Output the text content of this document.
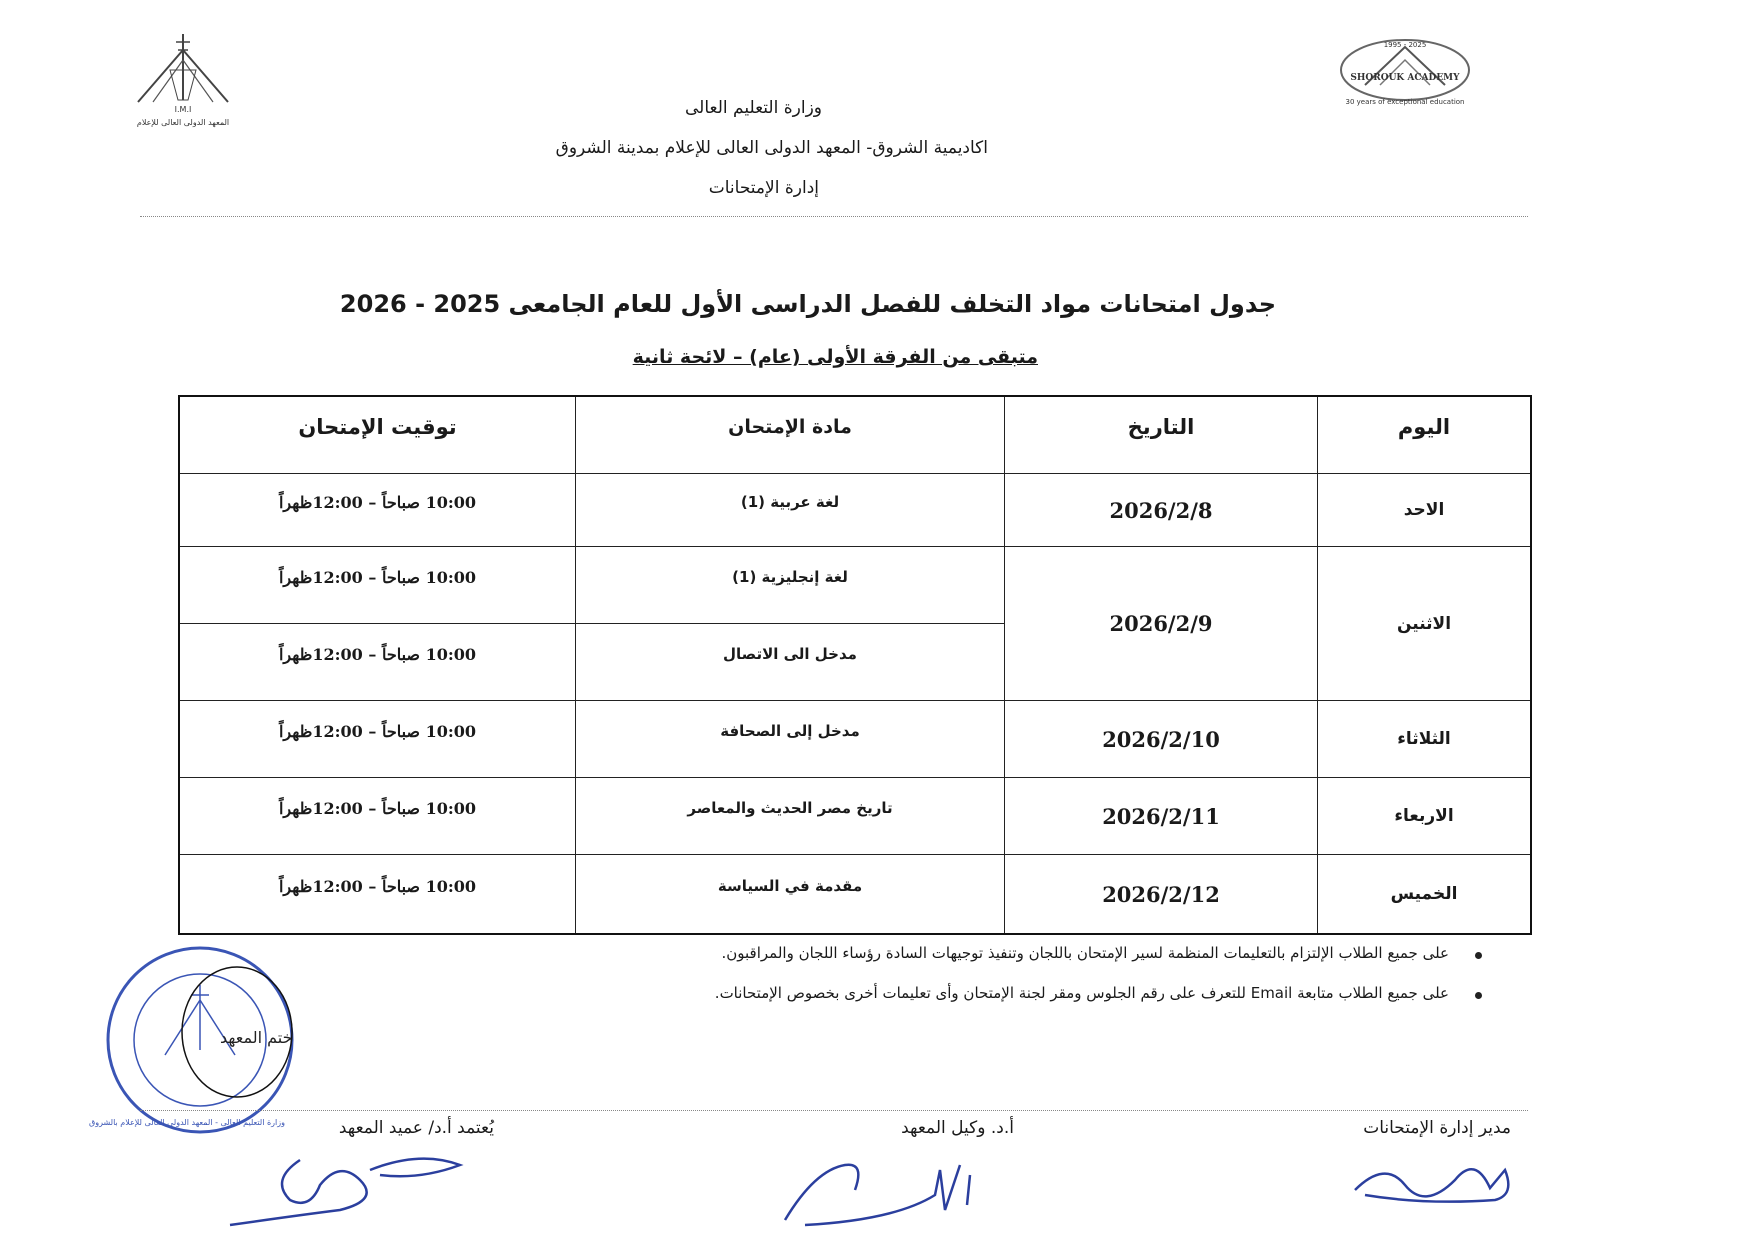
I.M.I
المعهد الدولى العالى للإعلام
1995 - 2025
SHOROUK ACADEMY
30 years of exceptional education
وزارة التعليم العالى
اكاديمية الشروق- المعهد الدولى العالى للإعلام بمدينة الشروق
إدارة الإمتحانات
جدول امتحانات مواد التخلف للفصل الدراسى الأول للعام الجامعى 2025 - 2026
متبقى من الفرقة الأولى (عام) – لائحة ثانية
اليوم	التاريخ	مادة الإمتحان	توقيت الإمتحان

الاحد	2026/2/8	لغة عربية (1)	10:00 صباحاً – 12:00ظهراً

الاثنين	2026/2/9	لغة إنجليزية (1)	10:00 صباحاً – 12:00ظهراً

		مدخل الى الاتصال	10:00 صباحاً – 12:00ظهراً

الثلاثاء	2026/2/10	مدخل إلى الصحافة	10:00 صباحاً – 12:00ظهراً

الاربعاء	2026/2/11	تاريخ مصر الحديث والمعاصر	10:00 صباحاً – 12:00ظهراً

الخميس	2026/2/12	مقدمة في السياسة	10:00 صباحاً – 12:00ظهراً
على جميع الطلاب الإلتزام بالتعليمات المنظمة لسير الإمتحان باللجان وتنفيذ توجيهات السادة رؤساء اللجان والمراقبون.
على جميع الطلاب متابعة Email للتعرف على رقم الجلوس ومقر لجنة الإمتحان وأى تعليمات أخرى بخصوص الإمتحانات.
ختم المعهد
وزارة التعليم العالى - المعهد الدولى العالى للإعلام بالشروق	مدير إدارة الإمتحانات
أ.د. وكيل المعهد
يُعتمد أ.د/ عميد المعهد
